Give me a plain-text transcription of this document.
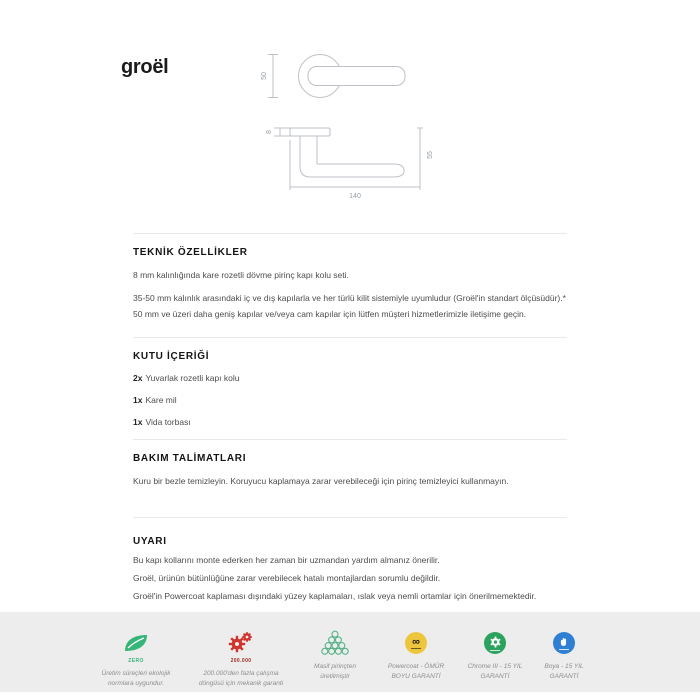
groël	50
8
55
140
TEKNİK ÖZELLİKLER

8 mm kalınlığında kare rozetli dövme pirinç kapı kolu seti.

35-50 mm kalınlık arasındaki iç ve dış kapılarla ve her türlü kilit sistemiyle uyumludur (Groël'in standart ölçüsüdür).*

50 mm ve üzeri daha geniş kapılar ve/veya cam kapılar için lütfen müşteri hizmetlerimizle iletişime geçin.

KUTU İÇERİĞİ
2x Yuvarlak rozetli kapı kolu
1x Kare mil
1x Vida torbası
BAKIM TALİMATLARI

Kuru bir bezle temizleyin. Koruyucu kaplamaya zarar verebileceği için pirinç temizleyici kullanmayın.

UYARI

Bu kapı kollarını monte ederken her zaman bir uzmandan yardım almanız önerilir.

Groël, ürünün bütünlüğüne zarar verebilecek hatalı montajlardan sorumlu değildir.

Groël'in Powercoat kaplaması dışındaki yüzey kaplamaları, ıslak veya nemli ortamlar için önerilmemektedir.

ZERO
Üretim süreçleri ekolojik normlara uygundur.
200.000
200.000'den fazla çalışma döngüsü için mekanik garanti
Masif pirinçten üretilmiştir
∞
Powercoat - ÖMÜR BOYU GARANTİ
Chrome III - 15 YIL GARANTİ
Boya - 15 YIL GARANTİ
